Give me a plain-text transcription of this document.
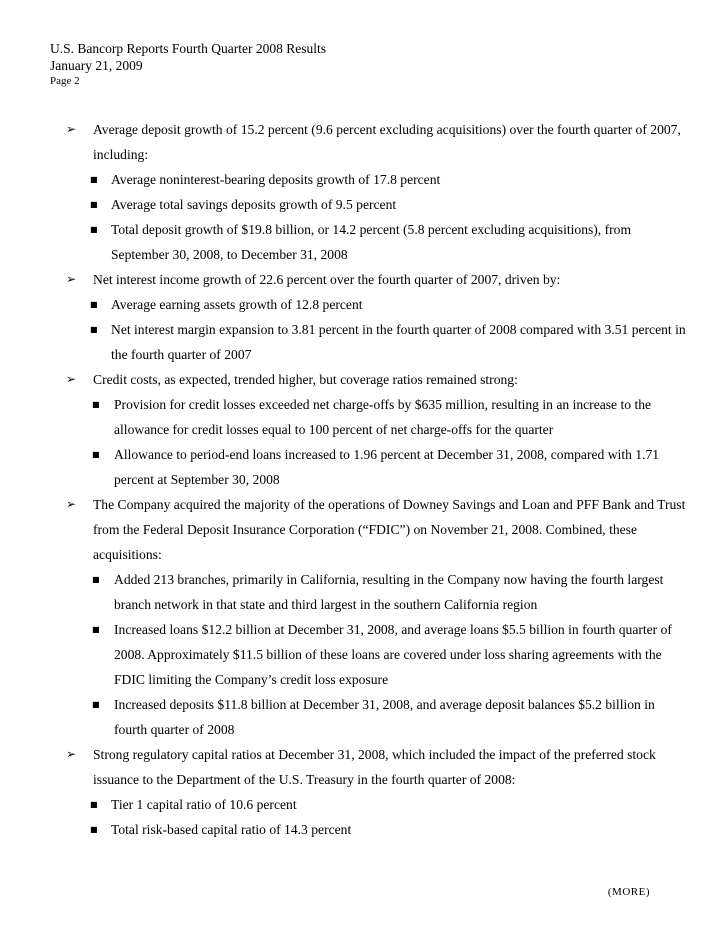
U.S. Bancorp Reports Fourth Quarter 2008 Results
January 21, 2009
Page 2
➢	Average deposit growth of 15.2 percent (9.6 percent excluding acquisitions) over the fourth quarter of 2007, including:
■ Average noninterest-bearing deposits growth of 17.8 percent
■ Average total savings deposits growth of 9.5 percent
■ Total deposit growth of $19.8 billion, or 14.2 percent (5.8 percent excluding acquisitions), from September 30, 2008, to December 31, 2008
➢	Net interest income growth of 22.6 percent over the fourth quarter of 2007, driven by:
■ Average earning assets growth of 12.8 percent
■ Net interest margin expansion to 3.81 percent in the fourth quarter of 2008 compared with 3.51 percent in the fourth quarter of 2007
➢	Credit costs, as expected, trended higher, but coverage ratios remained strong:
■ Provision for credit losses exceeded net charge-offs by $635 million, resulting in an increase to the allowance for credit losses equal to 100 percent of net charge-offs for the quarter
■ Allowance to period-end loans increased to 1.96 percent at December 31, 2008, compared with 1.71 percent at September 30, 2008
➢	The Company acquired the majority of the operations of Downey Savings and Loan and PFF Bank and Trust from the Federal Deposit Insurance Corporation (“FDIC”) on November 21, 2008. Combined, these acquisitions:
■ Added 213 branches, primarily in California, resulting in the Company now having the fourth largest branch network in that state and third largest in the southern California region
■ Increased loans $12.2 billion at December 31, 2008, and average loans $5.5 billion in fourth quarter of 2008. Approximately $11.5 billion of these loans are covered under loss sharing agreements with the FDIC limiting the Company’s credit loss exposure
■ Increased deposits $11.8 billion at December 31, 2008, and average deposit balances $5.2 billion in fourth quarter of 2008
➢	Strong regulatory capital ratios at December 31, 2008, which included the impact of the preferred stock issuance to the Department of the U.S. Treasury in the fourth quarter of 2008:
■ Tier 1 capital ratio of 10.6 percent
■ Total risk-based capital ratio of 14.3 percent
(MORE)
